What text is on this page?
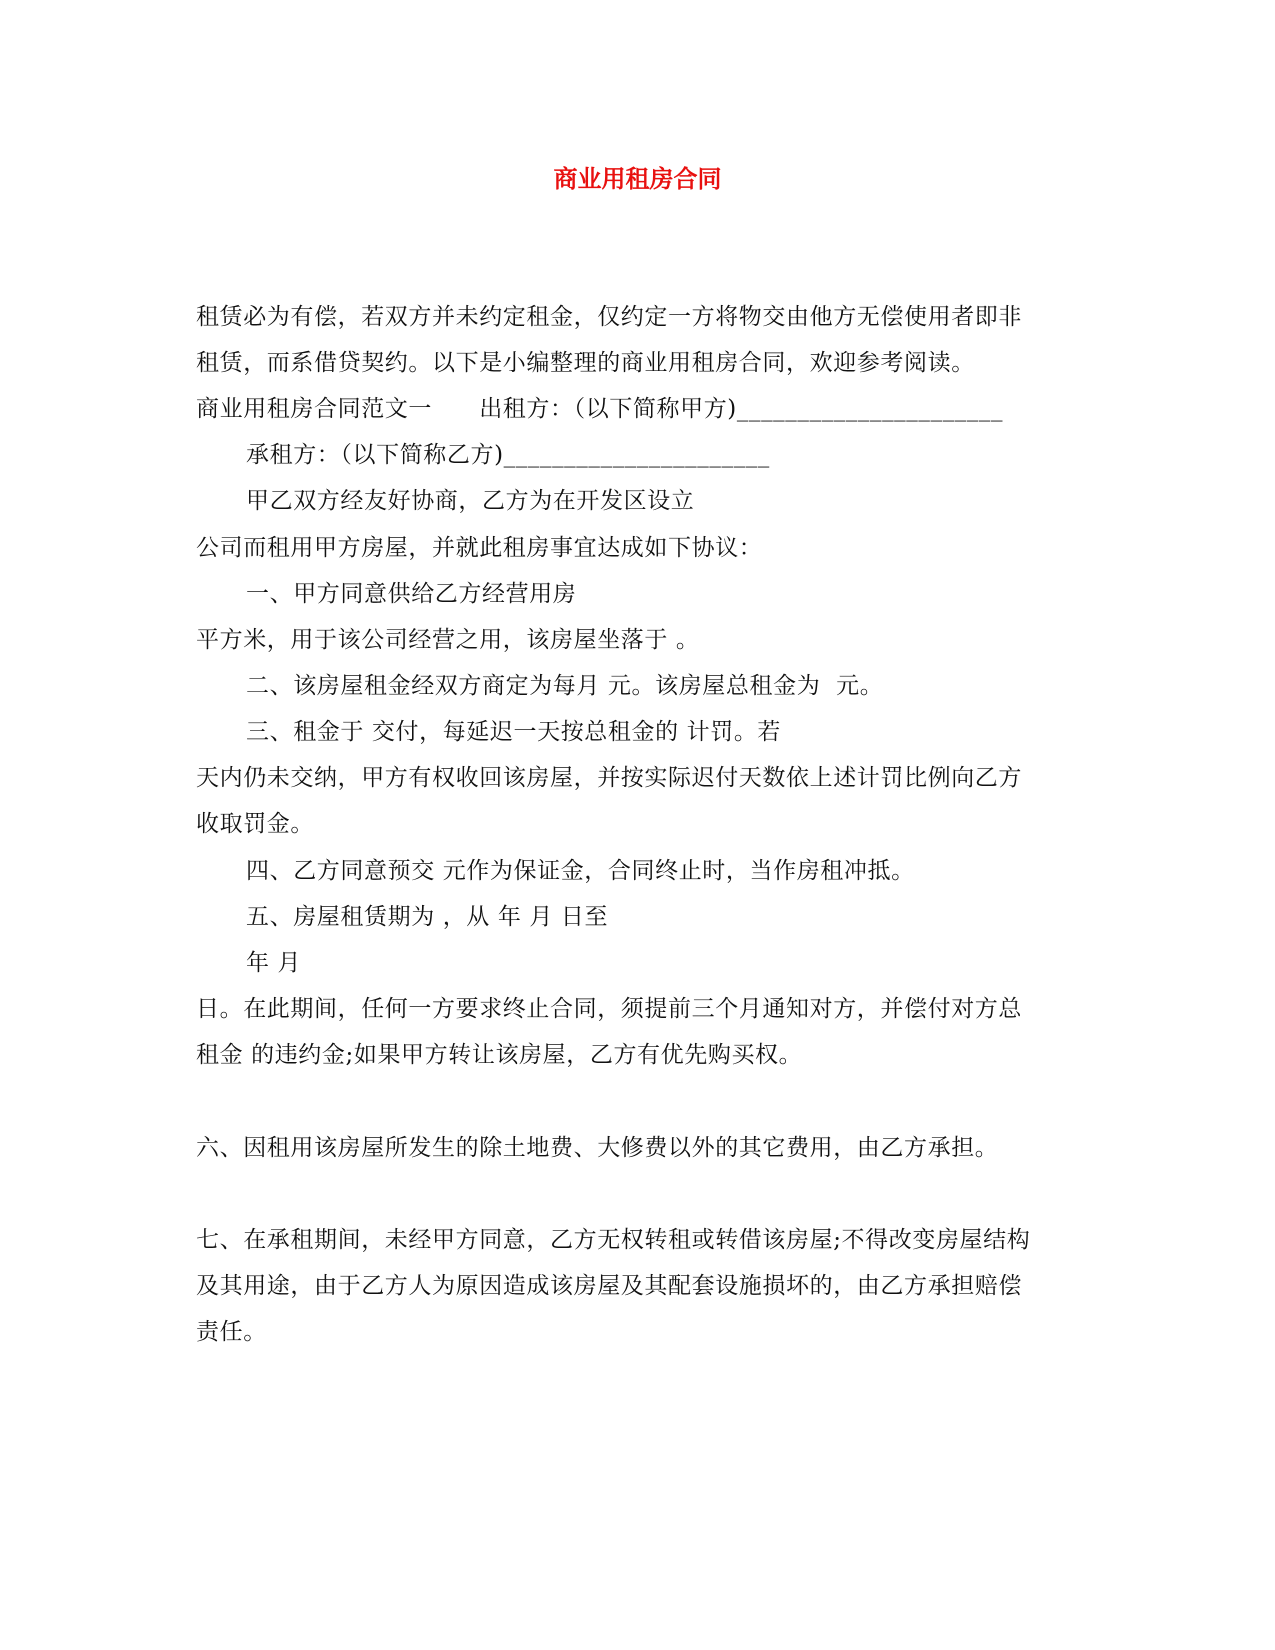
商业用租房合同
租赁必为有偿，若双方并未约定租金，仅约定一方将物交由他方无偿使用者即非
租赁，而系借贷契约。以下是小编整理的商业用租房合同，欢迎参考阅读。
商业用租房合同范文一　　出租方：（以下简称甲方)______________________
承租方：（以下简称乙方)______________________
甲乙双方经友好协商，乙方为在开发区设立
公司而租用甲方房屋，并就此租房事宜达成如下协议：
一、甲方同意供给乙方经营用房
平方米，用于该公司经营之用，该房屋坐落于 。
二、该房屋租金经双方商定为每月 元。该房屋总租金为  元。
三、租金于 交付，每延迟一天按总租金的 计罚。若
天内仍未交纳，甲方有权收回该房屋，并按实际迟付天数依上述计罚比例向乙方
收取罚金。
四、乙方同意预交 元作为保证金，合同终止时，当作房租冲抵。
五、房屋租赁期为 ，从 年 月 日至
年 月
日。在此期间，任何一方要求终止合同，须提前三个月通知对方，并偿付对方总
租金 的违约金;如果甲方转让该房屋，乙方有优先购买权。
六、因租用该房屋所发生的除土地费、大修费以外的其它费用，由乙方承担。
七、在承租期间，未经甲方同意，乙方无权转租或转借该房屋;不得改变房屋结构
及其用途，由于乙方人为原因造成该房屋及其配套设施损坏的，由乙方承担赔偿
责任。
